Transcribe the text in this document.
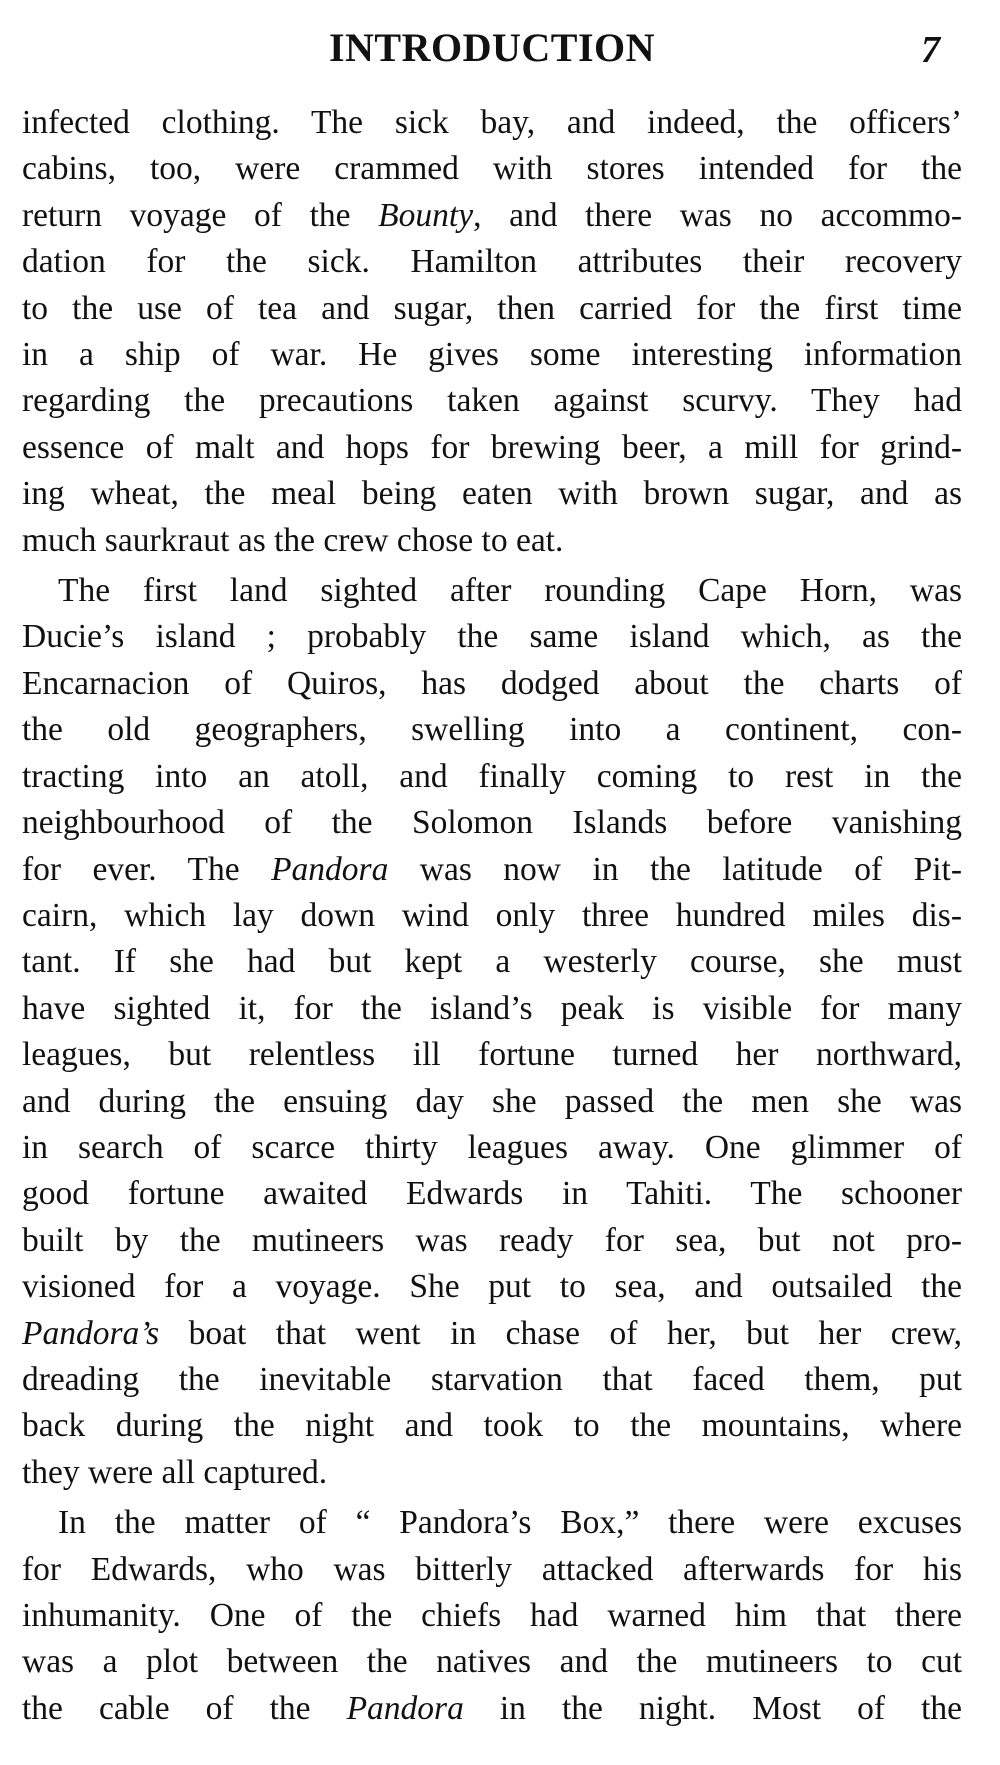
INTRODUCTION	7
infected clothing. The sick bay, and indeed, the officers’
cabins, too, were crammed with stores intended for the
return voyage of the Bounty, and there was no accommo-
dation for the sick. Hamilton attributes their recovery
to the use of tea and sugar, then carried for the first time
in a ship of war. He gives some interesting information
regarding the precautions taken against scurvy. They had
essence of malt and hops for brewing beer, a mill for grind-
ing wheat, the meal being eaten with brown sugar, and as
much saurkraut as the crew chose to eat.
The first land sighted after rounding Cape Horn, was
Ducie’s island ; probably the same island which, as the
Encarnacion of Quiros, has dodged about the charts of
the old geographers, swelling into a continent, con-
tracting into an atoll, and finally coming to rest in the
neighbourhood of the Solomon Islands before vanishing
for ever. The Pandora was now in the latitude of Pit-
cairn, which lay down wind only three hundred miles dis-
tant. If she had but kept a westerly course, she must
have sighted it, for the island’s peak is visible for many
leagues, but relentless ill fortune turned her northward,
and during the ensuing day she passed the men she was
in search of scarce thirty leagues away. One glimmer of
good fortune awaited Edwards in Tahiti. The schooner
built by the mutineers was ready for sea, but not pro-
visioned for a voyage. She put to sea, and outsailed the
Pandora’s boat that went in chase of her, but her crew,
dreading the inevitable starvation that faced them, put
back during the night and took to the mountains, where
they were all captured.
In the matter of “ Pandora’s Box,” there were excuses
for Edwards, who was bitterly attacked afterwards for his
inhumanity. One of the chiefs had warned him that there
was a plot between the natives and the mutineers to cut
the cable of the Pandora in the night. Most of the
